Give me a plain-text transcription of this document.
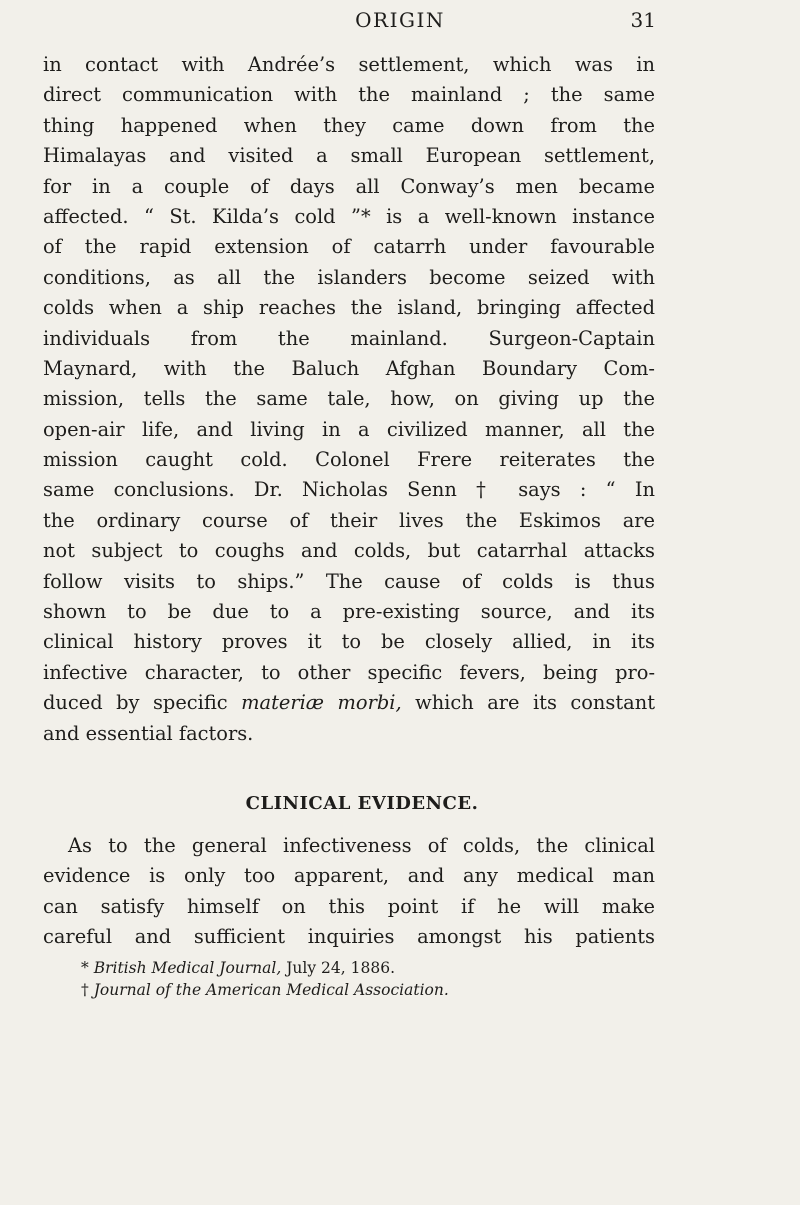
ORIGIN	31
in contact with Andrée’s settlement, which was in
direct communication with the mainland ; the same
thing happened when they came down from the
Himalayas and visited a small European settlement,
for in a couple of days all Conway’s men became
affected. “ St. Kilda’s cold ”* is a well-known instance
of the rapid extension of catarrh under favourable
conditions, as all the islanders become seized with
colds when a ship reaches the island, bringing affected
individuals from the mainland. Surgeon-Captain
Maynard, with the Baluch Afghan Boundary Com-
mission, tells the same tale, how, on giving up the
open-air life, and living in a civilized manner, all the
mission caught cold. Colonel Frere reiterates the
same conclusions. Dr. Nicholas Senn † says : “ In
the ordinary course of their lives the Eskimos are
not subject to coughs and colds, but catarrhal attacks
follow visits to ships.” The cause of colds is thus
shown to be due to a pre-existing source, and its
clinical history proves it to be closely allied, in its
infective character, to other specific fevers, being pro-
duced by specific materiæ morbi, which are its constant
and essential factors.
CLINICAL EVIDENCE.
As to the general infectiveness of colds, the clinical
evidence is only too apparent, and any medical man
can satisfy himself on this point if he will make
careful and sufficient inquiries amongst his patients
* British Medical Journal, July 24, 1886.
† Journal of the American Medical Association.
